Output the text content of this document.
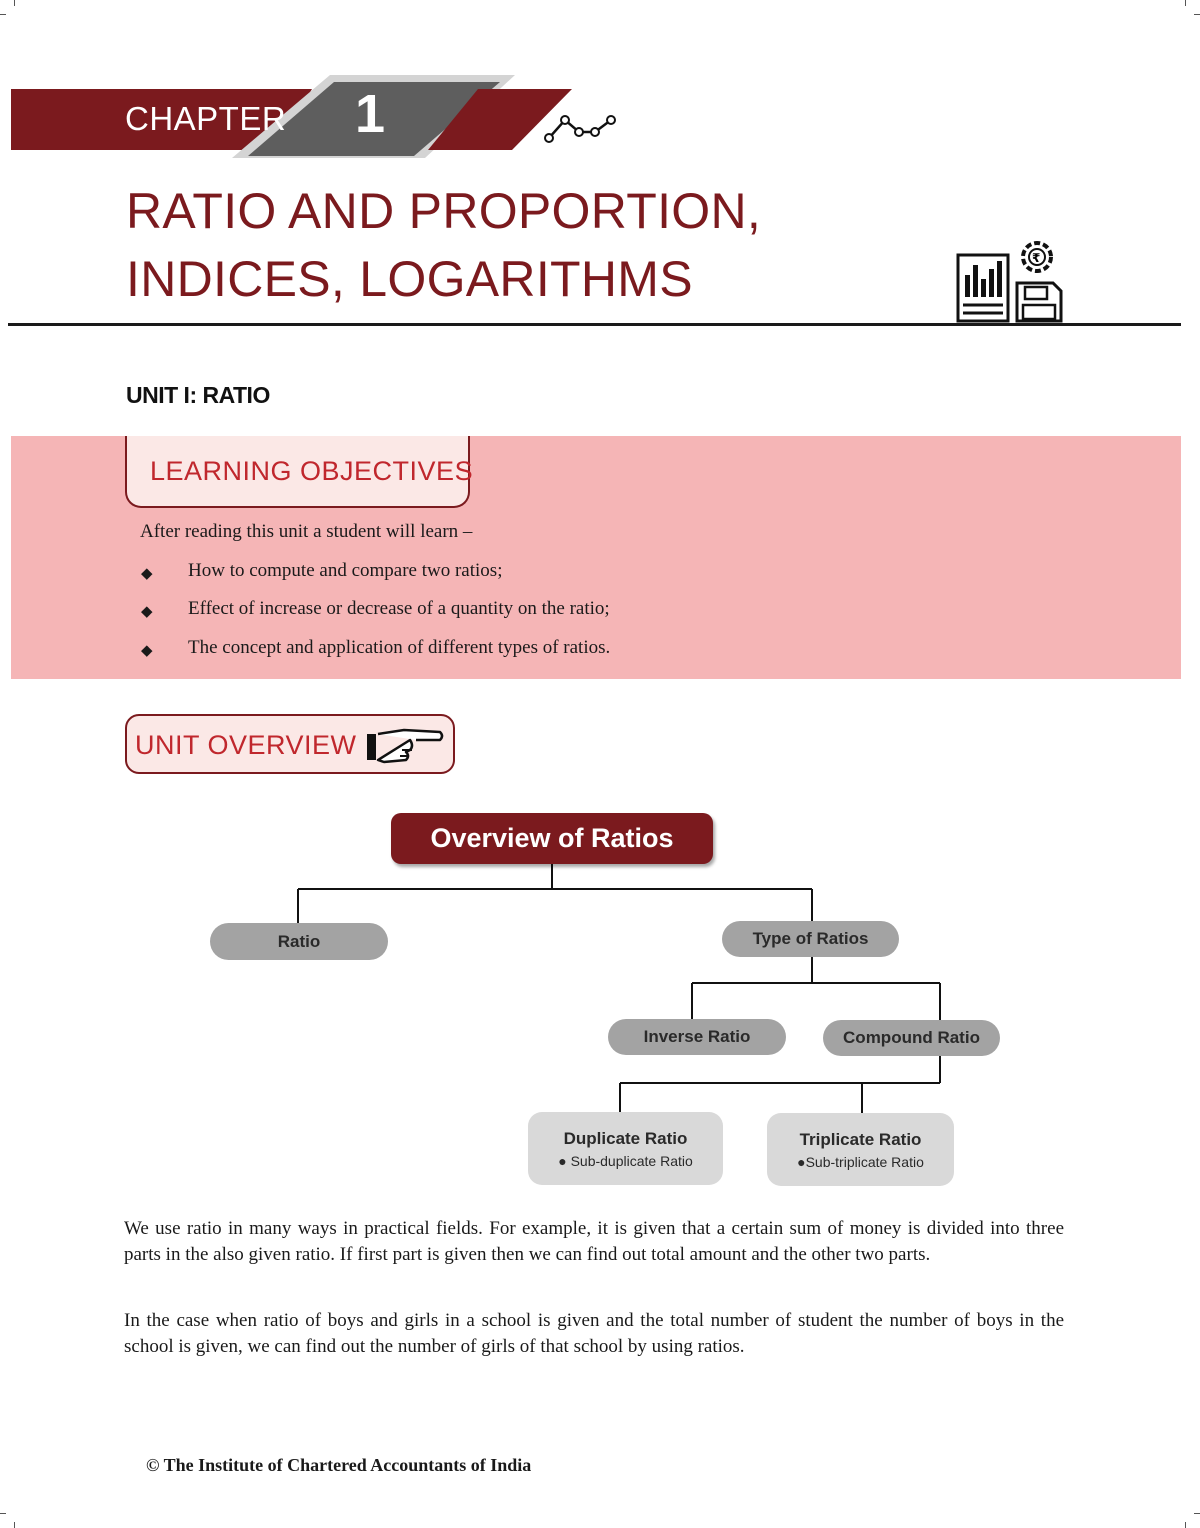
CHAPTER 1
RATIO AND PROPORTION,
INDICES, LOGARITHMS	₹
UNIT I: RATIO
LEARNING OBJECTIVES
After reading this unit a student will learn –
◆ How to compute and compare two ratios;
◆ Effect of increase or decrease of a quantity on the ratio;
◆ The concept and application of different types of ratios.
UNIT OVERVIEW
Overview of Ratios
Ratio	Type of Ratios
Inverse Ratio	Compound Ratio
Duplicate Ratio
● Sub-duplicate Ratio
Triplicate Ratio
●Sub-triplicate Ratio
We use ratio in many ways in practical fields. For example, it is given that a certain sum of money is divided into three parts in the also given ratio. If first part is given then we can find out total amount and the other two parts.
In the case when ratio of boys and girls in a school is given and the total number of student the number of boys in the school is given, we can find out the number of girls of that school by using ratios.
© The Institute of Chartered Accountants of India
